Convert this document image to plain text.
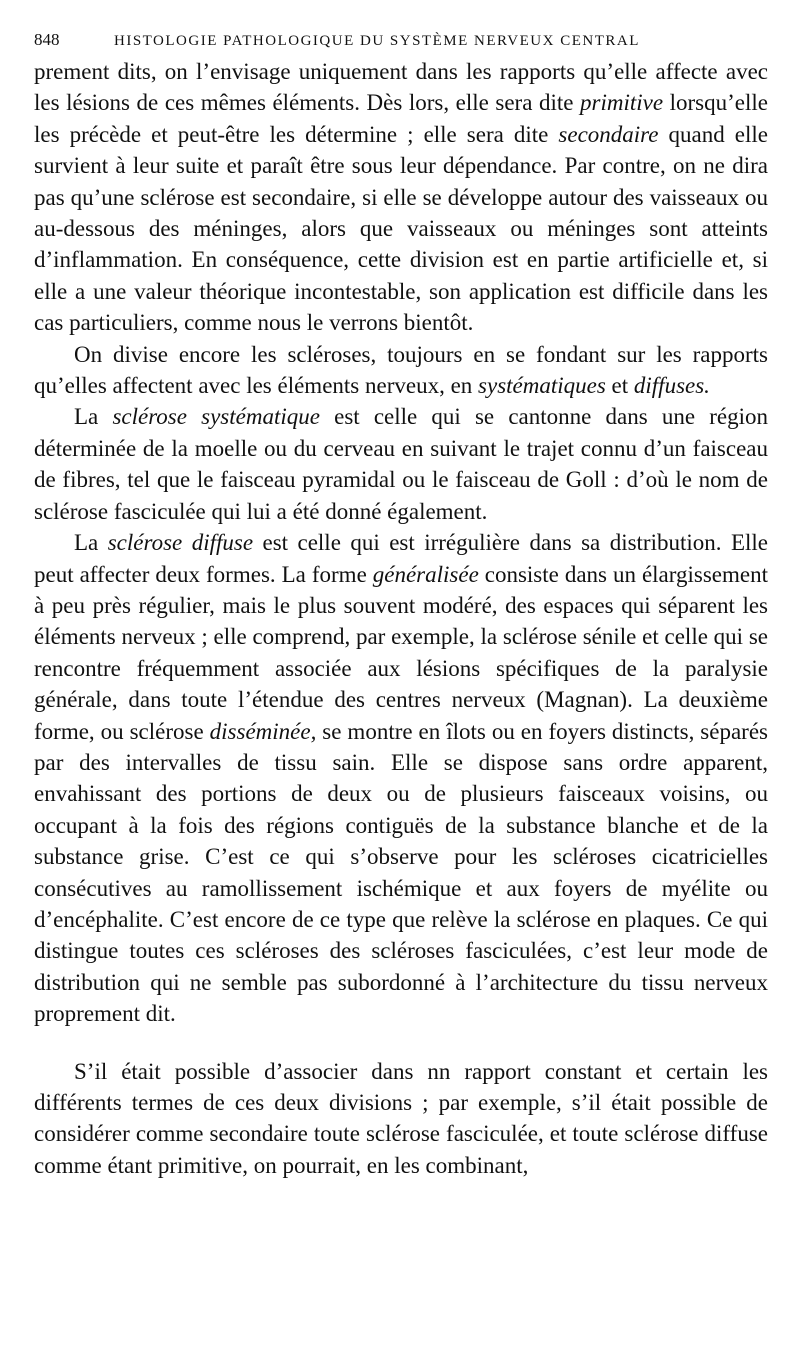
848	HISTOLOGIE PATHOLOGIQUE DU SYSTÈME NERVEUX CENTRAL

prement dits, on l’envisage uniquement dans les rapports qu’elle affecte avec les lésions de ces mêmes éléments. Dès lors, elle sera dite primitive lorsqu’elle les précède et peut-être les détermine ; elle sera dite secondaire quand elle survient à leur suite et paraît être sous leur dépendance. Par contre, on ne dira pas qu’une sclérose est secondaire, si elle se développe autour des vaisseaux ou au-dessous des méninges, alors que vaisseaux ou méninges sont atteints d’inflammation. En conséquence, cette division est en partie artificielle et, si elle a une valeur théorique incontestable, son application est difficile dans les cas particuliers, comme nous le verrons bientôt.

On divise encore les scléroses, toujours en se fondant sur les rapports qu’elles affectent avec les éléments nerveux, en systématiques et diffuses.

La sclérose systématique est celle qui se cantonne dans une région déterminée de la moelle ou du cerveau en suivant le trajet connu d’un faisceau de fibres, tel que le faisceau pyramidal ou le faisceau de Goll : d’où le nom de sclérose fasciculée qui lui a été donné également.

La sclérose diffuse est celle qui est irrégulière dans sa distribution. Elle peut affecter deux formes. La forme généralisée consiste dans un élargissement à peu près régulier, mais le plus souvent modéré, des espaces qui séparent les éléments nerveux ; elle comprend, par exemple, la sclérose sénile et celle qui se rencontre fréquemment associée aux lésions spécifiques de la paralysie générale, dans toute l’étendue des centres nerveux (Magnan). La deuxième forme, ou sclérose disséminée, se montre en îlots ou en foyers distincts, séparés par des intervalles de tissu sain. Elle se dispose sans ordre apparent, envahissant des portions de deux ou de plusieurs faisceaux voisins, ou occupant à la fois des régions contiguës de la substance blanche et de la substance grise. C’est ce qui s’observe pour les scléroses cicatricielles consécutives au ramollissement ischémique et aux foyers de myélite ou d’encéphalite. C’est encore de ce type que relève la sclérose en plaques. Ce qui distingue toutes ces scléroses des scléroses fasciculées, c’est leur mode de distribution qui ne semble pas subordonné à l’architecture du tissu nerveux proprement dit.

S’il était possible d’associer dans nn rapport constant et certain les différents termes de ces deux divisions ; par exemple, s’il était possible de considérer comme secondaire toute sclérose fasciculée, et toute sclérose diffuse comme étant primitive, on pourrait, en les combinant,
